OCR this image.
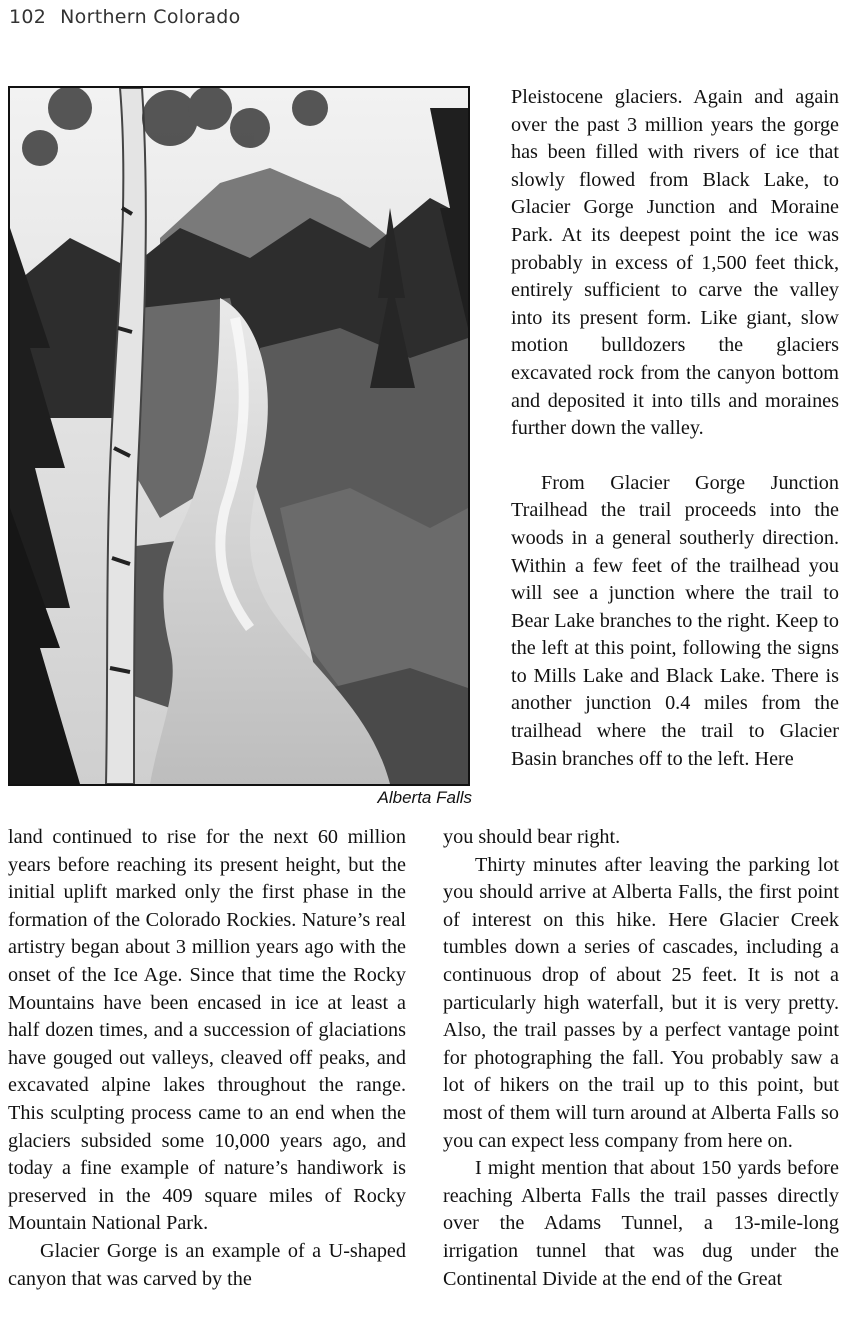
102 Northern Colorado
Alberta Falls

Pleistocene glaciers. Again and again over the past 3 million years the gorge has been filled with rivers of ice that slowly flowed from Black Lake, to Glacier Gorge Junction and Moraine Park. At its deepest point the ice was probably in excess of 1,500 feet thick, entirely sufficient to carve the valley into its present form. Like giant, slow motion bulldozers the glaciers excavated rock from the canyon bottom and deposited it into tills and moraines further down the valley.

From Glacier Gorge Junction Trailhead the trail proceeds into the woods in a general southerly direction. Within a few feet of the trailhead you will see a junction where the trail to Bear Lake branches to the right. Keep to the left at this point, following the signs to Mills Lake and Black Lake. There is another junction 0.4 miles from the trailhead where the trail to Glacier Basin branches off to the left. Here

land continued to rise for the next 60 million years before reaching its present height, but the initial uplift marked only the first phase in the formation of the Colorado Rockies. Nature’s real artistry began about 3 million years ago with the onset of the Ice Age. Since that time the Rocky Mountains have been encased in ice at least a half dozen times, and a succession of glaciations have gouged out valleys, cleaved off peaks, and excavated alpine lakes throughout the range. This sculpting process came to an end when the glaciers subsided some 10,000 years ago, and today a fine example of nature’s handiwork is preserved in the 409 square miles of Rocky Mountain National Park.

Glacier Gorge is an example of a U-shaped canyon that was carved by the

you should bear right.

Thirty minutes after leaving the parking lot you should arrive at Alberta Falls, the first point of interest on this hike. Here Glacier Creek tumbles down a series of cascades, including a continuous drop of about 25 feet. It is not a particularly high waterfall, but it is very pretty. Also, the trail passes by a perfect vantage point for photographing the fall. You probably saw a lot of hikers on the trail up to this point, but most of them will turn around at Alberta Falls so you can expect less company from here on.

I might mention that about 150 yards before reaching Alberta Falls the trail passes directly over the Adams Tunnel, a 13-mile-long irrigation tunnel that was dug under the Continental Divide at the end of the Great
